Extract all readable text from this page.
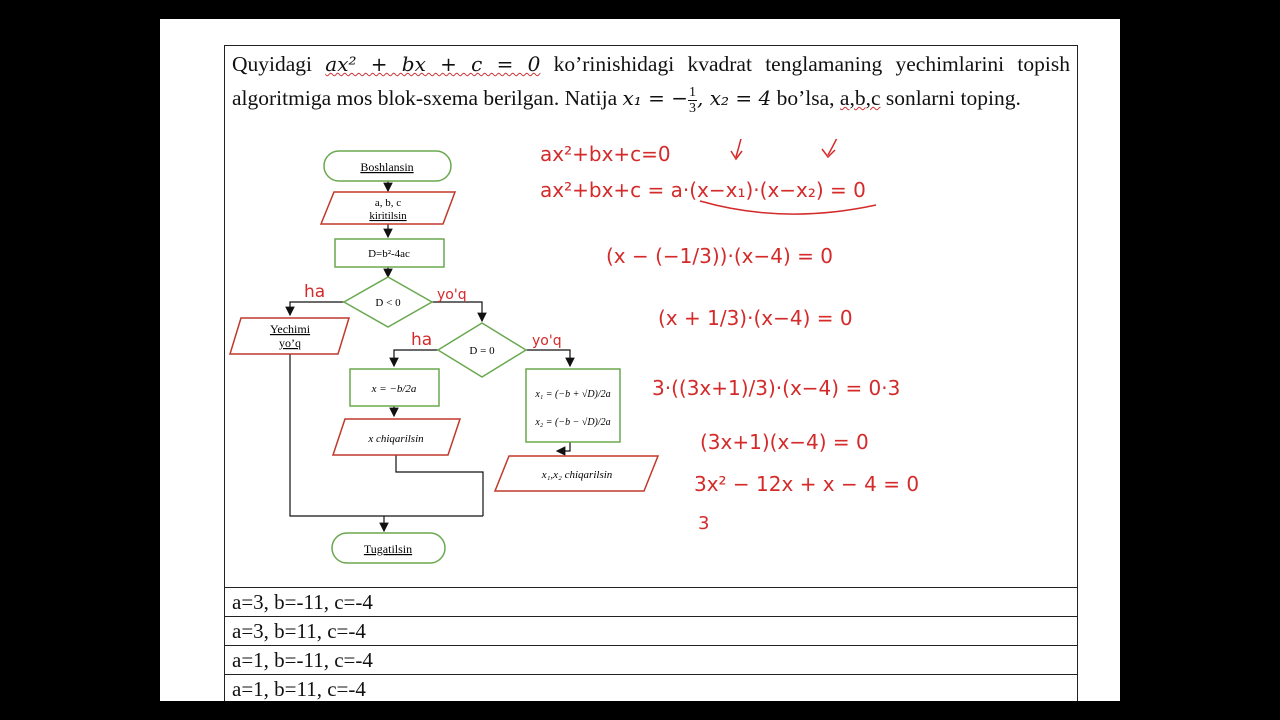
Quyidagi ax² + bx + c = 0 ko’rinishidagi kvadrat tenglamaning yechimlarini topish algoritmiga mos blok-sxema berilgan. Natija x₁ = − $\frac{1}{3}$ , x₂ = 4 bo’lsa, a,b,c sonlarni toping.
Boshlansin
a, b, c
kiritilsin
D=b²-4ac
D < 0
Yechimi
yo’q
D = 0
x = −b/2a	x₁ = (−b + √D)/2a
x₂ = (−b − √D)/2a
x chiqarilsin
x₁,x₂ chiqarilsin
Tugatilsin
ha	yo'q
ha	yo'q
ax²+bx+c=0
ax²+bx+c = a·(x−x₁)·(x−x₂) = 0
(x − (−1/3))·(x−4) = 0
(x + 1/3)·(x−4) = 0
3·((3x+1)/3)·(x−4) = 0·3
(3x+1)(x−4) = 0
3x² − 12x + x − 4 = 0
3
a=3, b=-11, c=-4
a=3, b=11, c=-4
a=1, b=-11, c=-4
a=1, b=11, c=-4
